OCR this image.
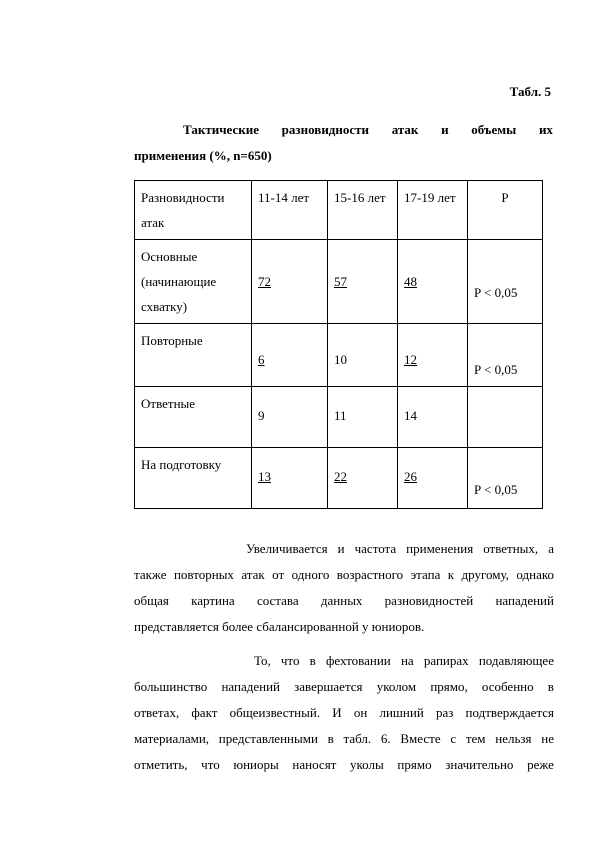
Табл. 5
Тактические разновидности атак и объемы их
применения (%, n=650)
Разновидности
атак	11-14 лет	15-16 лет	17-19 лет	P

Основные
(начинающие
схватку)	72	57	48	P < 0,05

Повторные	6	10	12	P < 0,05

Ответные	9	11	14	

На подготовку	13	22	26	P < 0,05
Увеличивается и частота применения ответных, а
также повторных атак от одного возрастного этапа к другому, однако
общая картина состава данных разновидностей нападений
представляется более сбалансированной у юниоров.
То, что в фехтовании на рапирах подавляющее
большинство нападений завершается уколом прямо, особенно в
ответах, факт общеизвестный. И он лишний раз подтверждается
материалами, представленными в табл. 6. Вместе с тем нельзя не
отметить, что юниоры наносят уколы прямо значительно реже
